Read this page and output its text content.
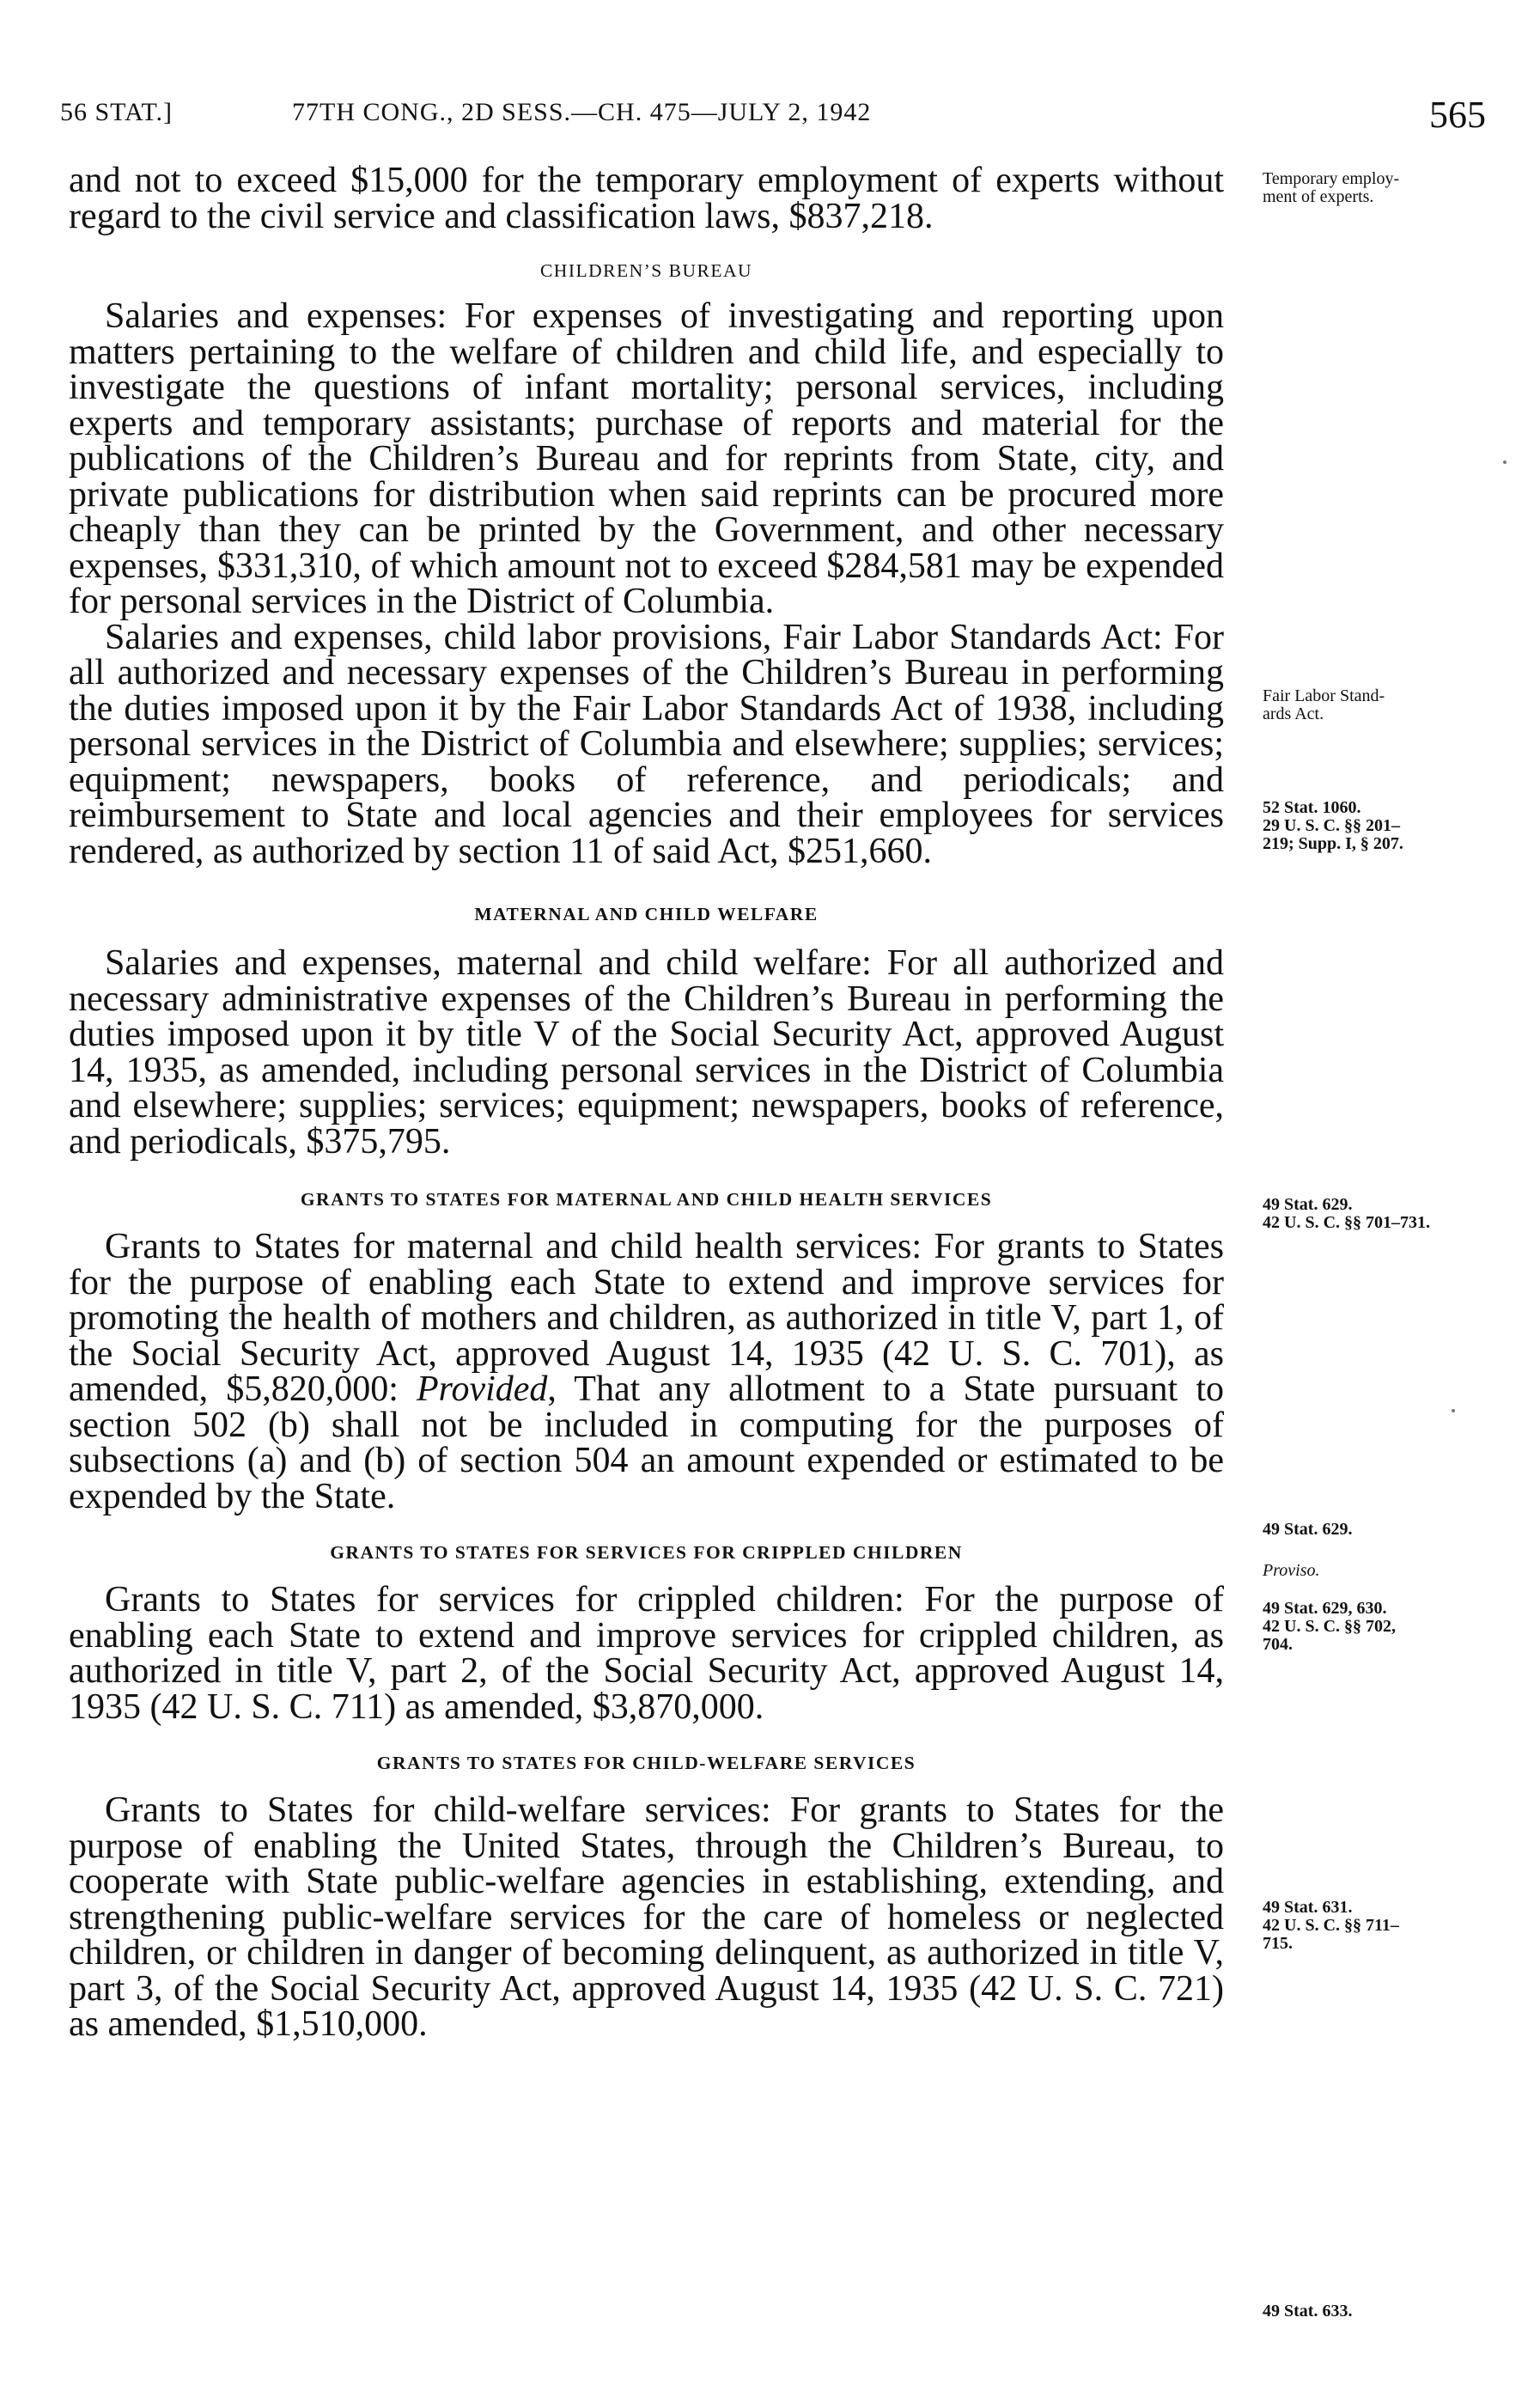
56 STAT.]	77TH CONG., 2D SESS.—CH. 475—JULY 2, 1942	565

and not to exceed $15,000 for the temporary employment of experts without regard to the civil service and classification laws, $837,218.

CHILDREN’S BUREAU

Salaries and expenses: For expenses of investigating and reporting upon matters pertaining to the welfare of children and child life, and especially to investigate the questions of infant mortality; personal services, including experts and temporary assistants; purchase of reports and material for the publications of the Children’s Bureau and for reprints from State, city, and private publications for distribution when said reprints can be procured more cheaply than they can be printed by the Government, and other necessary expenses, $331,310, of which amount not to exceed $284,581 may be expended for personal services in the District of Columbia.

Salaries and expenses, child labor provisions, Fair Labor Standards Act: For all authorized and necessary expenses of the Children’s Bureau in performing the duties imposed upon it by the Fair Labor Standards Act of 1938, including personal services in the District of Columbia and elsewhere; supplies; services; equipment; newspapers, books of reference, and periodicals; and reimbursement to State and local agencies and their employees for services rendered, as authorized by section 11 of said Act, $251,660.

MATERNAL AND CHILD WELFARE

Salaries and expenses, maternal and child welfare: For all authorized and necessary administrative expenses of the Children’s Bureau in performing the duties imposed upon it by title V of the Social Security Act, approved August 14, 1935, as amended, including personal services in the District of Columbia and elsewhere; supplies; services; equipment; newspapers, books of reference, and periodicals, $375,795.

GRANTS TO STATES FOR MATERNAL AND CHILD HEALTH SERVICES

Grants to States for maternal and child health services: For grants to States for the purpose of enabling each State to extend and improve services for promoting the health of mothers and children, as authorized in title V, part 1, of the Social Security Act, approved August 14, 1935 (42 U. S. C. 701), as amended, $5,820,000: Provided, That any allotment to a State pursuant to section 502 (b) shall not be included in computing for the purposes of subsections (a) and (b) of section 504 an amount expended or estimated to be expended by the State.

GRANTS TO STATES FOR SERVICES FOR CRIPPLED CHILDREN

Grants to States for services for crippled children: For the purpose of enabling each State to extend and improve services for crippled children, as authorized in title V, part 2, of the Social Security Act, approved August 14, 1935 (42 U. S. C. 711) as amended, $3,870,000.

GRANTS TO STATES FOR CHILD-WELFARE SERVICES

Grants to States for child-welfare services: For grants to States for the purpose of enabling the United States, through the Children’s Bureau, to cooperate with State public-welfare agencies in establishing, extending, and strengthening public-welfare services for the care of homeless or neglected children, or children in danger of becoming delinquent, as authorized in title V, part 3, of the Social Security Act, approved August 14, 1935 (42 U. S. C. 721) as amended, $1,510,000.

Temporary employ-
ment of experts.
Fair Labor Stand-
ards Act.
52 Stat. 1060.
29 U. S. C. §§ 201–
219; Supp. I, § 207.
49 Stat. 629.
42 U. S. C. §§ 701–731.
49 Stat. 629.
Proviso.
49 Stat. 629, 630.
42 U. S. C. §§ 702,
704.
49 Stat. 631.
42 U. S. C. §§ 711–
715.
49 Stat. 633.
